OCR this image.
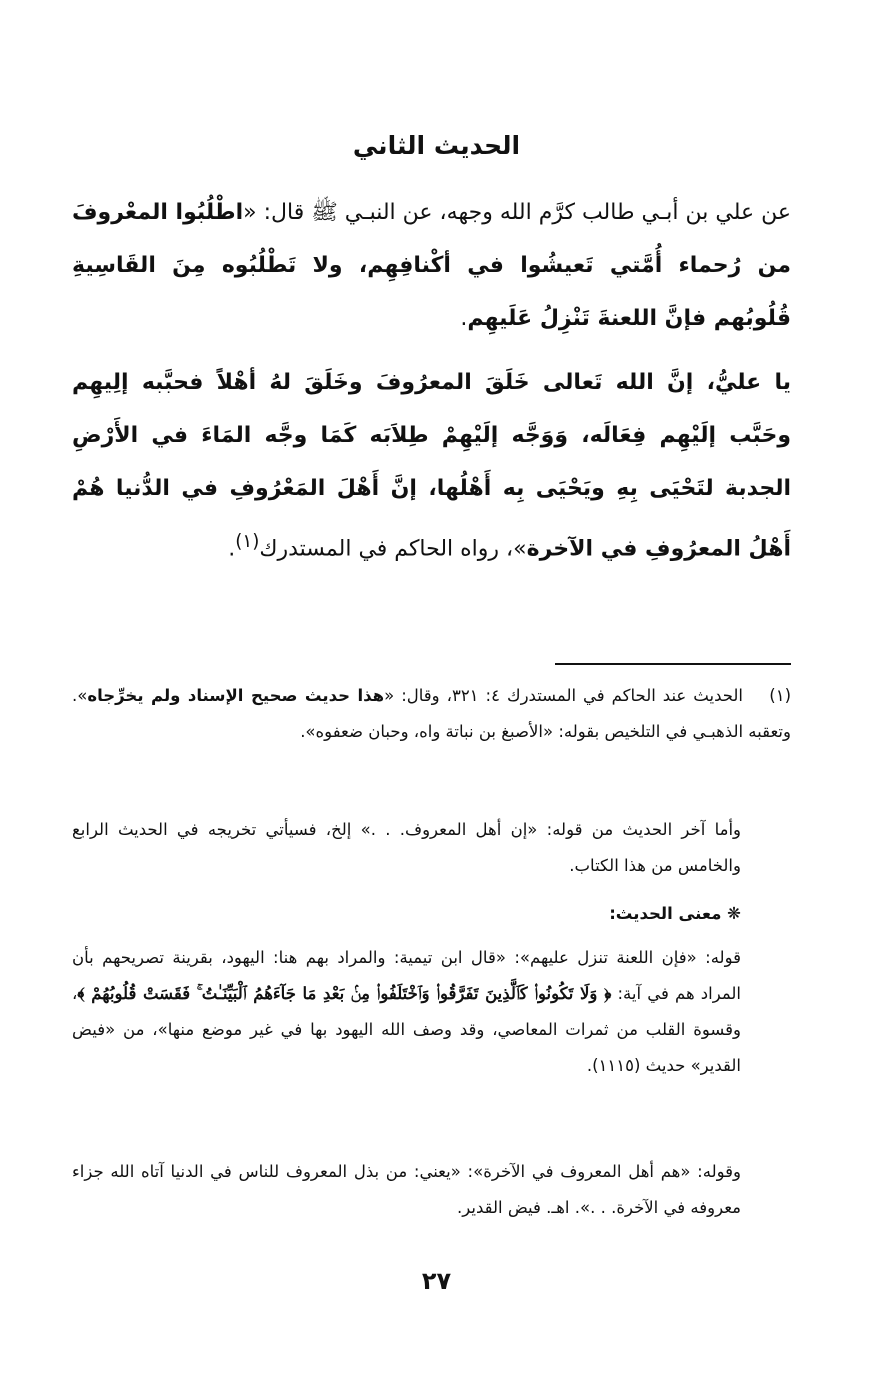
الحديث الثاني

عن علي بن أبـي طالب كرَّم الله وجهه، عن النبـي ﷺ قال: «اطْلُبُوا المعْروفَ من رُحماء أُمَّتي تَعيشُوا في أكْنافِهِم، ولا تَطْلُبُوه مِنَ القَاسِيةِ قُلُوبُهم فإنَّ اللعنةَ تَنْزِلُ عَلَيهِم.

يا عليُّ، إنَّ الله تَعالى خَلَقَ المعرُوفَ وخَلَقَ لهُ أهْلاً فحبَّبه إلِيهِم وحَبَّب إلَيْهِم فِعَالَه، وَوَجَّه إلَيْهِمْ طِلاَبَه كَمَا وجَّه المَاءَ في الأَرْضِ الجدبة لتَحْيَى بِهِ ويَحْيَى بِه أَهْلُها، إنَّ أَهْلَ المَعْرُوفِ في الدُّنيا هُمْ أَهْلُ المعرُوفِ في الآخرة»، رواه الحاكم في المستدرك$^{(١)}$.

(١)الحديث عند الحاكم في المستدرك ٤: ٣٢١، وقال: «هذا حديث صحيح الإسناد ولم يخرِّجاه». وتعقبه الذهبـي في التلخيص بقوله: «الأصبغ بن نباتة واه، وحبان ضعفوه».

وأما آخر الحديث من قوله: «إن أهل المعروف. . .» إلخ، فسيأتي تخريجه في الحديث الرابع والخامس من هذا الكتاب.

❋ معنى الحديث:

قوله: «فإن اللعنة تنزل عليهم»: «قال ابن تيمية: والمراد بهم هنا: اليهود، بقرينة تصريحهم بأن المراد هم في آية: ﴿ وَلَا تَكُونُوا۟ كَٱلَّذِينَ تَفَرَّقُوا۟ وَٱخْتَلَفُوا۟ مِنۢ بَعْدِ مَا جَآءَهُمُ ٱلْبَيِّنَـٰتُ ۚ فَقَسَتْ قُلُوبُهُمْ ﴾، وقسوة القلب من ثمرات المعاصي، وقد وصف الله اليهود بها في غير موضع منها»، من «فيض القدير» حديث (١١١٥).

وقوله: «هم أهل المعروف في الآخرة»: «يعني: من بذل المعروف للناس في الدنيا آتاه الله جزاء معروفه في الآخرة. . .». اهـ. فيض القدير.

٢٧
